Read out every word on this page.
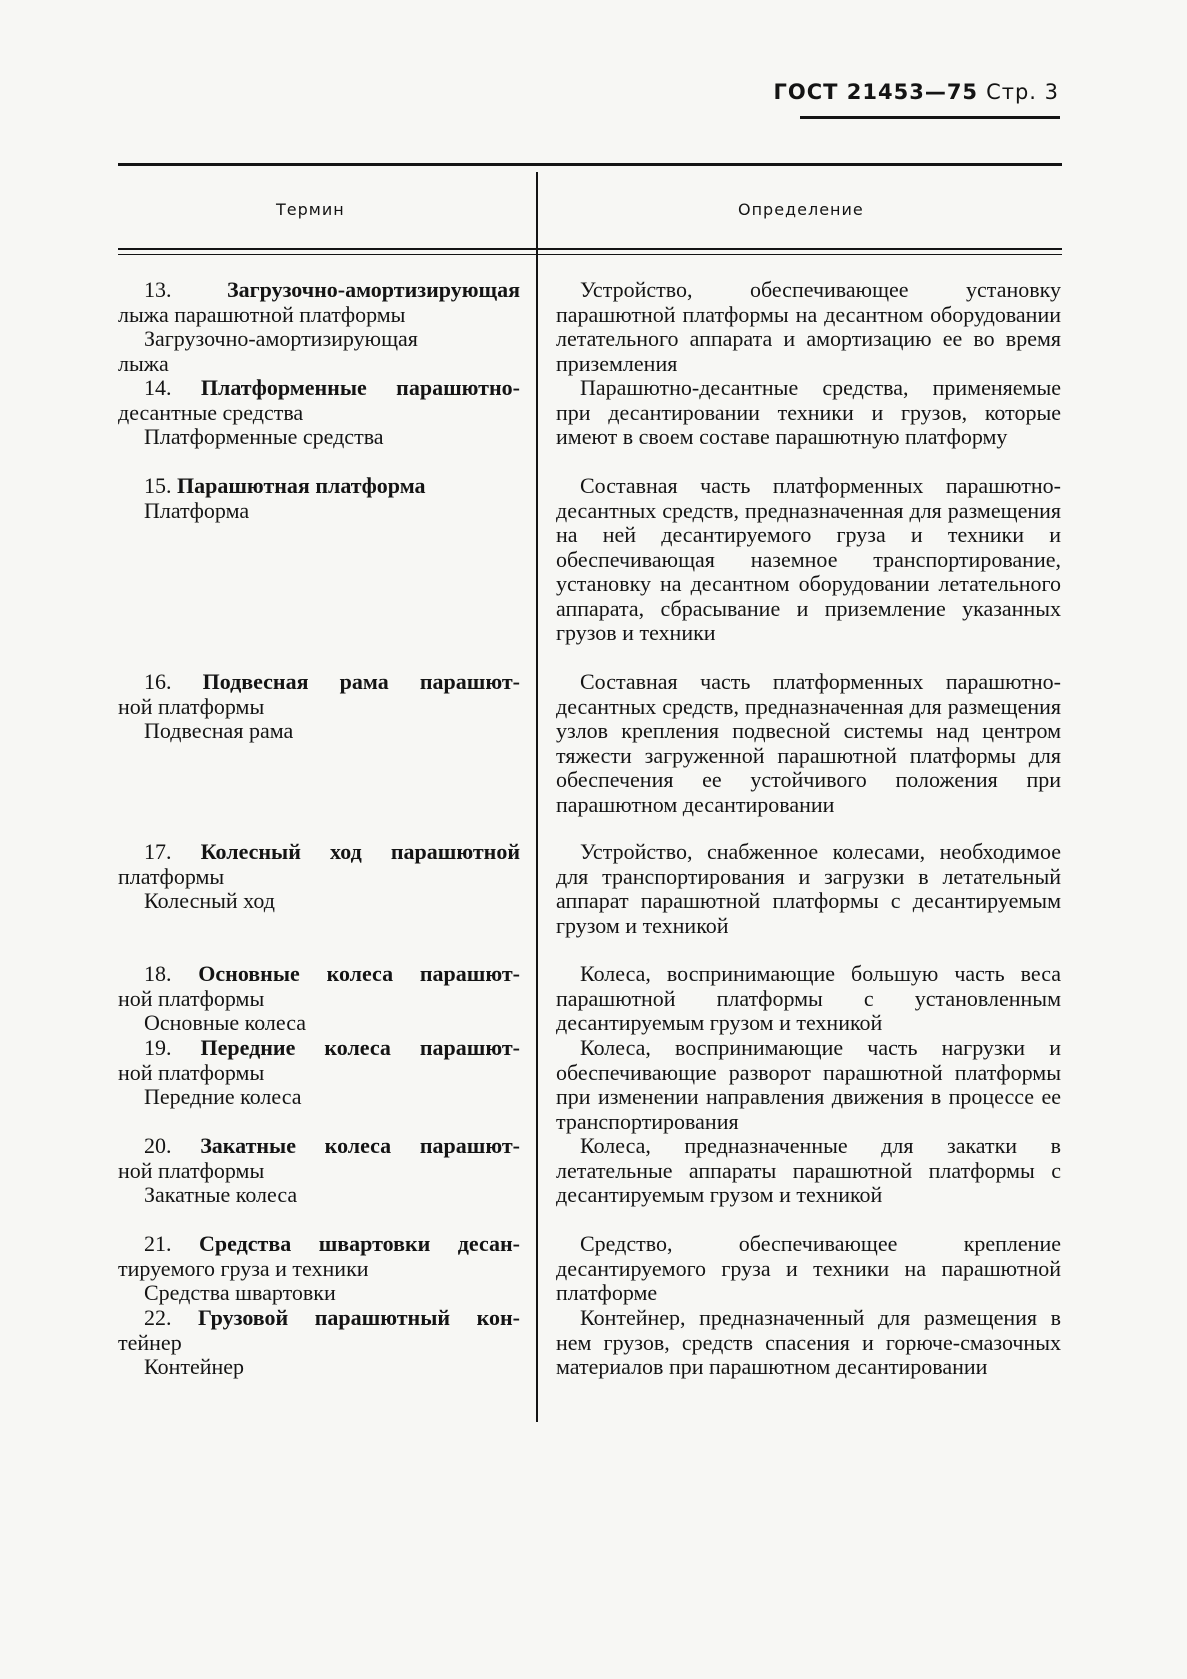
ГОСТ 21453—75 Стр. 3
Термин	Определение
13.	Загрузочно-амортизирующая
лыжа парашютной платформы
Загрузочно-амортизирующая
лыжа
Устройство, обеспечивающее установку парашютной платформы на десантном оборудовании летательного аппарата и амортизацию ее во время приземления
14. Платформенные парашютно-
десантные средства
Платформенные средства
Парашютно-десантные средства, применяемые при десантировании техники и грузов, которые имеют в своем составе парашютную платформу
15. Парашютная платформа
Платформа
Составная часть платформенных парашютно-десантных средств, предназначенная для размещения на ней десантируемого груза и техники и обеспечивающая наземное транспортирование, установку на десантном оборудовании летательного аппарата, сбрасывание и приземление указанных грузов и техники
16. Подвесная рама парашют-
ной платформы
Подвесная рама
Составная часть платформенных парашютно-десантных средств, предназначенная для размещения узлов крепления подвесной системы над центром тяжести загруженной парашютной платформы для обеспечения ее устойчивого положения при парашютном десантировании
17. Колесный ход парашютной
платформы
Колесный ход
Устройство, снабженное колесами, необходимое для транспортирования и загрузки в летательный аппарат парашютной платформы с десантируемым грузом и техникой
18. Основные колеса парашют-
ной платформы
Основные колеса
Колеса, воспринимающие большую часть веса парашютной платформы с установленным десантируемым грузом и техникой
19. Передние колеса парашют-
ной платформы
Передние колеса
Колеса, воспринимающие часть нагрузки и обеспечивающие разворот парашютной платформы при изменении направления движения в процессе ее транспортирования
20. Закатные колеса парашют-
ной платформы
Закатные колеса
Колеса, предназначенные для закатки в летательные аппараты парашютной платформы с десантируемым грузом и техникой
21. Средства швартовки десан-
тируемого груза и техники
Средства швартовки
Средство, обеспечивающее крепление десантируемого груза и техники на парашютной платформе
22. Грузовой парашютный кон-
тейнер
Контейнер
Контейнер, предназначенный для размещения в нем грузов, средств спасения и горюче-смазочных материалов при парашютном десантировании
